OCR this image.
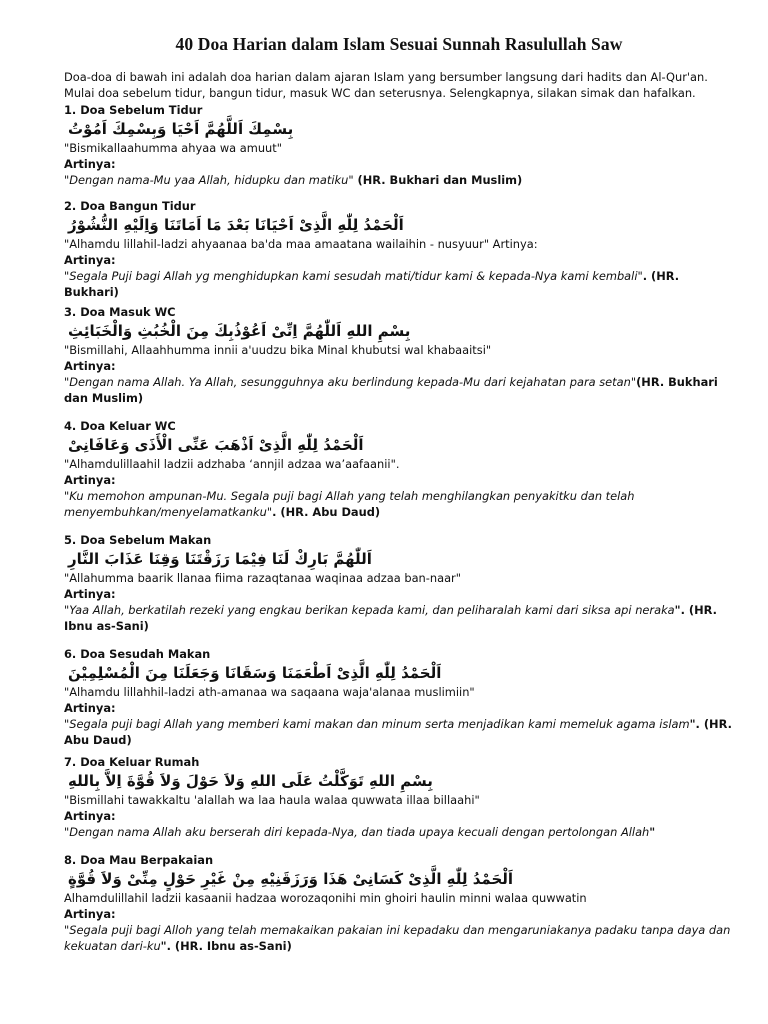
40 Doa Harian dalam Islam Sesuai Sunnah Rasulullah Saw

Doa-doa di bawah ini adalah doa harian dalam ajaran Islam yang bersumber langsung dari hadits dan Al-Qur'an. Mulai doa sebelum tidur, bangun tidur, masuk WC dan seterusnya. Selengkapnya, silakan simak dan hafalkan.

1. Doa Sebelum Tidur
بِسْمِكَ اَللَّهُمَّ اَحْيَا وَبِسْمِكَ اَمُوْتُ

"Bismikallaahumma ahyaa wa amuut"

Artinya:

"Dengan nama-Mu yaa Allah, hidupku dan matiku" (HR. Bukhari dan Muslim)

2. Doa Bangun Tidur
اَلْحَمْدُ لِلّٰهِ الَّذِىْ اَحْيَانَا بَعْدَ مَا اَمَاتَنَا وَاِلَيْهِ النُّشُوْرُ

"Alhamdu lillahil-ladzi ahyaanaa ba'da maa amaatana wailaihin - nusyuur" Artinya:

Artinya:

"Segala Puji bagi Allah yg menghidupkan kami sesudah mati/tidur kami & kepada-Nya kami kembali". (HR. Bukhari)

3. Doa Masuk WC
بِسْمِ اللهِ اَللّٰهُمَّ اِنِّىْ اَعُوْذُبِكَ مِنَ الْخُبُثِ وَالْخَبَائِثِ

"Bismillahi, Allaahhumma innii a'uudzu bika Minal khubutsi wal khabaaitsi"

Artinya:

"Dengan nama Allah. Ya Allah, sesungguhnya aku berlindung kepada-Mu dari kejahatan para setan"(HR. Bukhari dan Muslim)

4. Doa Keluar WC
اَلْحَمْدُ لِلّٰهِ الَّذِىْ اَذْهَبَ عَنِّى الْأَذَى وَعَافَانِىْ

"Alhamdulillaahil ladzii adzhaba ‘annjil adzaa wa’aafaanii".

Artinya:

"Ku memohon ampunan-Mu. Segala puji bagi Allah yang telah menghilangkan penyakitku dan telah menyembuhkan/menyelamatkanku". (HR. Abu Daud)

5. Doa Sebelum Makan
اَللّٰهُمَّ بَارِكْ لَنَا فِيْمَا رَزَقْتَنَا وَقِنَا عَذَابَ النَّارِ

"Allahumma baarik llanaa fiima razaqtanaa waqinaa adzaa ban-naar"

Artinya:

"Yaa Allah, berkatilah rezeki yang engkau berikan kepada kami, dan peliharalah kami dari siksa api neraka". (HR. Ibnu as-Sani)

6. Doa Sesudah Makan
اَلْحَمْدُ لِلّٰهِ الَّذِىْ اَطْعَمَنَا وَسَقَانَا وَجَعَلَنَا مِنَ الْمُسْلِمِيْنَ

"Alhamdu lillahhil-ladzi ath-amanaa wa saqaana waja'alanaa muslimiin"

Artinya:

"Segala puji bagi Allah yang memberi kami makan dan minum serta menjadikan kami memeluk agama islam". (HR. Abu Daud)

7. Doa Keluar Rumah
بِسْمِ اللهِ تَوَكَّلْتُ عَلَى اللهِ وَلاَ حَوْلَ وَلاَ قُوَّةَ اِلاَّ بِاللهِ

"Bismillahi tawakkaltu 'alallah wa laa haula walaa quwwata illaa billaahi"

Artinya:

"Dengan nama Allah aku berserah diri kepada-Nya, dan tiada upaya kecuali dengan pertolongan Allah"

8. Doa Mau Berpakaian
اَلْحَمْدُ لِلّٰهِ الَّذِىْ كَسَانِىْ هَذَا وَرَزَقَنِيْهِ مِنْ غَيْرِ حَوْلٍ مِنِّىْ وَلاَ قُوَّةٍ

Alhamdulillahil ladzii kasaanii hadzaa worozaqonihi min ghoiri haulin minni walaa quwwatin

Artinya:

"Segala puji bagi Alloh yang telah memakaikan pakaian ini kepadaku dan mengaruniakanya padaku tanpa daya dan kekuatan dari-ku". (HR. Ibnu as-Sani)
